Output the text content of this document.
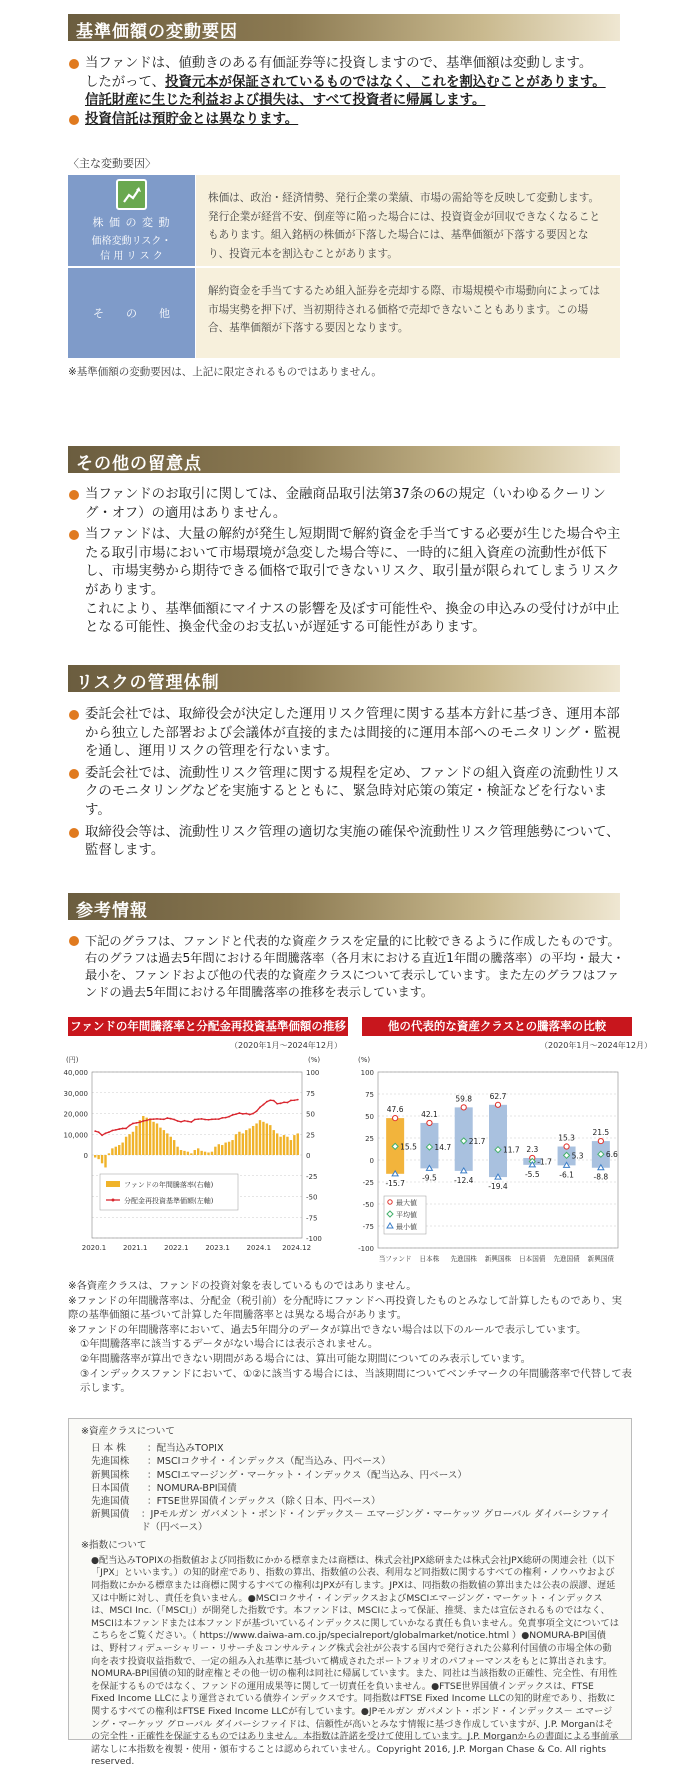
基準価額の変動要因

当ファンドは、値動きのある有価証券等に投資しますので、基準価額は変動します。

したがって、投資元本が保証されているものではなく、これを割込むことがあります。

信託財産に生じた利益および損失は、すべて投資者に帰属します。

投資信託は預貯金とは異なります。

〈主な変動要因〉
株 価 の 変 動
価格変動リスク・
信 用 リ ス ク
株価は、政治・経済情勢、発行企業の業績、市場の需給等を反映して変動します。発行企業が経営不安、倒産等に陥った場合には、投資資金が回収できなくなることもあります。組入銘柄の株価が下落した場合には、基準価額が下落する要因となり、投資元本を割込むことがあります。
そ　　の　　他
解約資金を手当てするため組入証券を売却する際、市場規模や市場動向によっては市場実勢を押下げ、当初期待される価格で売却できないこともあります。この場合、基準価額が下落する要因となります。
※基準価額の変動要因は、上記に限定されるものではありません。
その他の留意点

当ファンドのお取引に関しては、金融商品取引法第37条の6の規定（いわゆるクーリング・オフ）の適用はありません。

当ファンドは、大量の解約が発生し短期間で解約資金を手当てする必要が生じた場合や主たる取引市場において市場環境が急変した場合等に、一時的に組入資産の流動性が低下し、市場実勢から期待できる価格で取引できないリスク、取引量が限られてしまうリスクがあります。

これにより、基準価額にマイナスの影響を及ぼす可能性や、換金の申込みの受付けが中止となる可能性、換金代金のお支払いが遅延する可能性があります。

リスクの管理体制

委託会社では、取締役会が決定した運用リスク管理に関する基本方針に基づき、運用本部から独立した部署および会議体が直接的または間接的に運用本部へのモニタリング・監視を通し、運用リスクの管理を行ないます。

委託会社では、流動性リスク管理に関する規程を定め、ファンドの組入資産の流動性リスクのモニタリングなどを実施するとともに、緊急時対応策の策定・検証などを行ないます。

取締役会等は、流動性リスク管理の適切な実施の確保や流動性リスク管理態勢について、監督します。

参考情報

下記のグラフは、ファンドと代表的な資産クラスを定量的に比較できるように作成したものです。右のグラフは過去5年間における年間騰落率（各月末における直近1年間の騰落率）の平均・最大・最小を、ファンドおよび他の代表的な資産クラスについて表示しています。また左のグラフはファンドの過去5年間における年間騰落率の推移を表示しています。

ファンドの年間騰落率と分配金再投資基準価額の推移
（2020年1月～2024年12月）
(円)	(%)
100
75
50
25
0
-25
-50
-75
-100
40,000
30,000
20,000
10,000
0
2020.1 2021.1 2022.1 2023.1 2024.1 2024.12
ファンドの年間騰落率(右軸)
分配金再投資基準価額(左軸)
他の代表的な資産クラスとの騰落率の比較
（2020年1月～2024年12月）
(%)
100
75
50
25
0
-25
-50
-75
-100
47.6
15.5
-15.7
当ファンド
42.1
14.7
-9.5
日本株
59.8
21.7
-12.4
先進国株
62.7
11.7
-19.4
新興国株
2.3
-1.7
-5.5
日本国債
15.3
5.3
-6.1
先進国債
21.5
6.6
-8.8
新興国債
最大値
平均値
最小値
※各資産クラスは、ファンドの投資対象を表しているものではありません。
※ファンドの年間騰落率は、分配金（税引前）を分配時にファンドへ再投資したものとみなして計算したものであり、実際の基準価額に基づいて計算した年間騰落率とは異なる場合があります。
※ファンドの年間騰落率において、過去5年間分のデータが算出できない場合は以下のルールで表示しています。
①年間騰落率に該当するデータがない場合には表示されません。
②年間騰落率が算出できない期間がある場合には、算出可能な期間についてのみ表示しています。
③インデックスファンドにおいて、①②に該当する場合には、当該期間についてベンチマークの年間騰落率で代替して表示します。
※資産クラスについて
日 本 株	：配当込みTOPIX
先進国株	：MSCIコクサイ・インデックス（配当込み、円ベース）
新興国株	：MSCIエマージング・マーケット・インデックス（配当込み、円ベース）
日本国債	：NOMURA-BPI国債
先進国債	：FTSE世界国債インデックス（除く日本、円ベース）
新興国債	：JPモルガン ガバメント・ボンド・インデックス－ エマージング・マーケッツ グローバル ダイバーシファイド（円ベース）
※指数について
●配当込みTOPIXの指数値および同指数にかかる標章または商標は、株式会社JPX総研または株式会社JPX総研の関連会社（以下「JPX」といいます。）の知的財産であり、指数の算出、指数値の公表、利用など同指数に関するすべての権利・ノウハウおよび同指数にかかる標章または商標に関するすべての権利はJPXが有します。JPXは、同指数の指数値の算出または公表の誤謬、遅延又は中断に対し、責任を負いません。●MSCIコクサイ・インデックスおよびMSCIエマージング・マーケット・インデックスは、MSCI Inc.（「MSCI」）が開発した指数です。本ファンドは、MSCIによって保証、推奨、または宣伝されるものではなく、MSCIは本ファンドまたは本ファンドが基づいているインデックスに関していかなる責任も負いません。免責事項全文についてはこちらをご覧ください。（ https://www.daiwa-am.co.jp/specialreport/globalmarket/notice.html ）●NOMURA-BPI国債は、野村フィデューシャリー・リサーチ＆コンサルティング株式会社が公表する国内で発行された公募利付国債の市場全体の動向を表す投資収益指数で、一定の組み入れ基準に基づいて構成されたポートフォリオのパフォーマンスをもとに算出されます。NOMURA-BPI国債の知的財産権とその他一切の権利は同社に帰属しています。また、同社は当該指数の正確性、完全性、有用性を保証するものではなく、ファンドの運用成果等に関して一切責任を負いません。●FTSE世界国債インデックスは、FTSE Fixed Income LLCにより運営されている債券インデックスです。同指数はFTSE Fixed Income LLCの知的財産であり、指数に関するすべての権利はFTSE Fixed Income LLCが有しています。●JPモルガン ガバメント・ボンド・インデックス－ エマージング・マーケッツ グローバル ダイバーシファイドは、信頼性が高いとみなす情報に基づき作成していますが、J.P. Morganはその完全性・正確性を保証するものではありません。本指数は許諾を受けて使用しています。J.P. Morganからの書面による事前承諾なしに本指数を複製・使用・頒布することは認められていません。Copyright 2016, J.P. Morgan Chase & Co. All rights reserved.
